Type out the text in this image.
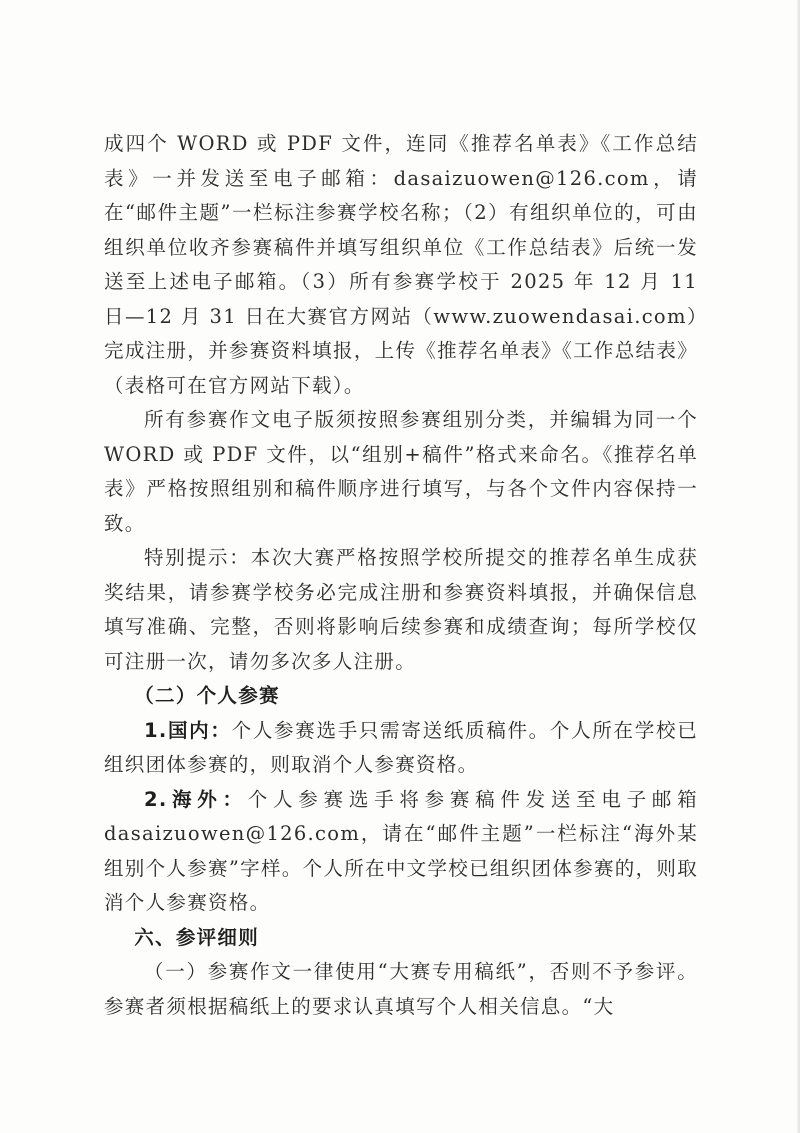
成四个 WORD 或 PDF 文件，连同《推荐名单表》《工作总结表》一并发送至电子邮箱：dasaizuowen@126.com，请在“邮件主题”一栏标注参赛学校名称；（2）有组织单位的，可由组织单位收齐参赛稿件并填写组织单位《工作总结表》后统一发送至上述电子邮箱。（3）所有参赛学校于 2025 年 12 月 11 日—12 月 31 日在大赛官方网站（www.zuowendasai.com）完成注册，并参赛资料填报，上传《推荐名单表》《工作总结表》（表格可在官方网站下载）。

所有参赛作文电子版须按照参赛组别分类，并编辑为同一个 WORD 或 PDF 文件，以“组别+稿件”格式来命名。《推荐名单表》严格按照组别和稿件顺序进行填写，与各个文件内容保持一致。

特别提示：本次大赛严格按照学校所提交的推荐名单生成获奖结果，请参赛学校务必完成注册和参赛资料填报，并确保信息填写准确、完整，否则将影响后续参赛和成绩查询；每所学校仅可注册一次，请勿多次多人注册。

（二）个人参赛

1.国内：个人参赛选手只需寄送纸质稿件。个人所在学校已组织团体参赛的，则取消个人参赛资格。

2.海外：个人参赛选手将参赛稿件发送至电子邮箱 dasaizuowen@126.com，请在“邮件主题”一栏标注“海外某组别个人参赛”字样。个人所在中文学校已组织团体参赛的，则取消个人参赛资格。

六、参评细则

（一）参赛作文一律使用“大赛专用稿纸”，否则不予参评。参赛者须根据稿纸上的要求认真填写个人相关信息。“大
